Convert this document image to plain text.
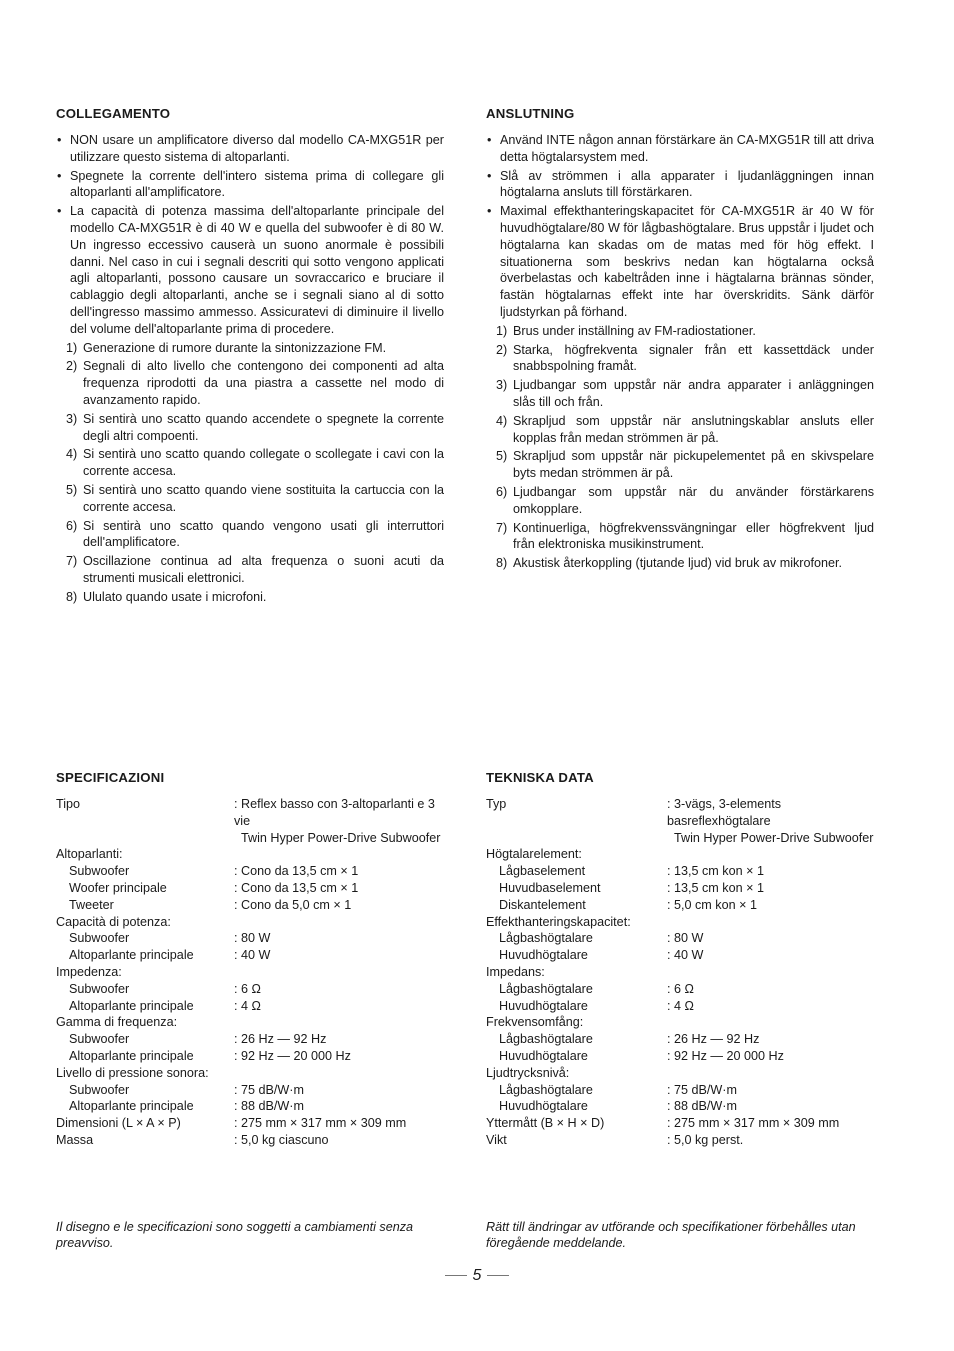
COLLEGAMENTO
• NON usare un amplificatore diverso dal modello CA-MXG51R per utilizzare questo sistema di altoparlanti.
• Spegnete la corrente dell'intero sistema prima di collegare gli altoparlanti all'amplificatore.
• La capacità di potenza massima dell'altoparlante principale del modello CA-MXG51R è di 40 W e quella del subwoofer è di 80 W. Un ingresso eccessivo causerà un suono anormale è possibili danni. Nel caso in cui i segnali descriti qui sotto vengono applicati agli altoparlanti, possono causare un sovraccarico e bruciare il cablaggio degli altoparlanti, anche se i segnali siano al di sotto dell'ingresso massimo ammesso. Assicuratevi di diminuire il livello del volume dell'altoparlante prima di procedere.
1) Generazione di rumore durante la sintonizzazione FM.
2) Segnali di alto livello che contengono dei componenti ad alta frequenza riprodotti da una piastra a cassette nel modo di avanzamento rapido.
3) Si sentirà uno scatto quando accendete o spegnete la corrente degli altri compoenti.
4) Si sentirà uno scatto quando collegate o scollegate i cavi con la corrente accesa.
5) Si sentirà uno scatto quando viene sostituita la cartuccia con la corrente accesa.
6) Si sentirà uno scatto quando vengono usati gli interruttori dell'amplificatore.
7) Oscillazione continua ad alta frequenza o suoni acuti da strumenti musicali elettronici.
8) Ululato quando usate i microfoni.
ANSLUTNING
• Använd INTE någon annan förstärkare än CA-MXG51R till att driva detta högtalarsystem med.
• Slå av strömmen i alla apparater i ljudanläggningen innan högtalarna ansluts till förstärkaren.
• Maximal effekthanteringskapacitet för CA-MXG51R är 40 W för huvudhögtalare/80 W för lågbashögtalare. Brus uppstår i ljudet och högtalarna kan skadas om de matas med för hög effekt. I situationerna som beskrivs nedan kan högtalarna också överbelastas och kabeltråden inne i hägtalarna brännas sönder, fastän högtalarnas effekt inte har överskridits. Sänk därför ljudstyrkan på förhand.
1) Brus under inställning av FM-radiostationer.
2) Starka, högfrekventa signaler från ett kassettdäck under snabbspolning framåt.
3) Ljudbangar som uppstår när andra apparater i anläggningen slås till och från.
4) Skrapljud som uppstår när anslutningskablar ansluts eller kopplas från medan strömmen är på.
5) Skrapljud som uppstår när pickupelementet på en skivspelare byts medan strömmen är på.
6) Ljudbangar som uppstår när du använder förstärkarens omkopplare.
7) Kontinuerliga, högfrekvenssvängningar eller högfrekvent ljud från elektroniska musikinstrument.
8) Akustisk återkoppling (tjutande ljud) vid bruk av mikrofoner.
SPECIFICAZIONI
Tipo	: Reflex basso con 3-altoparlanti e 3 vie
	Twin Hyper Power-Drive Subwoofer
Altoparlanti:	
Subwoofer	: Cono da 13,5 cm × 1
Woofer principale	: Cono da 13,5 cm × 1
Tweeter	: Cono da 5,0 cm × 1
Capacità di potenza:	
Subwoofer	: 80 W
Altoparlante principale	: 40 W
Impedenza:	
Subwoofer	: 6 Ω
Altoparlante principale	: 4 Ω
Gamma di frequenza:	
Subwoofer	: 26 Hz — 92 Hz
Altoparlante principale	: 92 Hz — 20 000 Hz
Livello di pressione sonora:	
Subwoofer	: 75 dB/W·m
Altoparlante principale	: 88 dB/W·m
Dimensioni (L × A × P)	: 275 mm × 317 mm × 309 mm
Massa	: 5,0 kg ciascuno
TEKNISKA DATA
Typ	: 3-vägs, 3-elements basreflexhögtalare
	Twin Hyper Power-Drive Subwoofer
Högtalarelement:	
Lågbaselement	: 13,5 cm kon × 1
Huvudbaselement	: 13,5 cm kon × 1
Diskantelement	: 5,0 cm kon × 1
Effekthanteringskapacitet:	
Lågbashögtalare	: 80 W
Huvudhögtalare	: 40 W
Impedans:	
Lågbashögtalare	: 6 Ω
Huvudhögtalare	: 4 Ω
Frekvensomfång:	
Lågbashögtalare	: 26 Hz — 92 Hz
Huvudhögtalare	: 92 Hz — 20 000 Hz
Ljudtrycksnivå:	
Lågbashögtalare	: 75 dB/W·m
Huvudhögtalare	: 88 dB/W·m
Yttermått (B × H × D)	: 275 mm × 317 mm × 309 mm
Vikt	: 5,0 kg perst.

Il disegno e le specificazioni sono soggetti a cambiamenti senza preavviso.

Rätt till ändringar av utförande och specifikationer förbehålles utan föregående meddelande.

5
